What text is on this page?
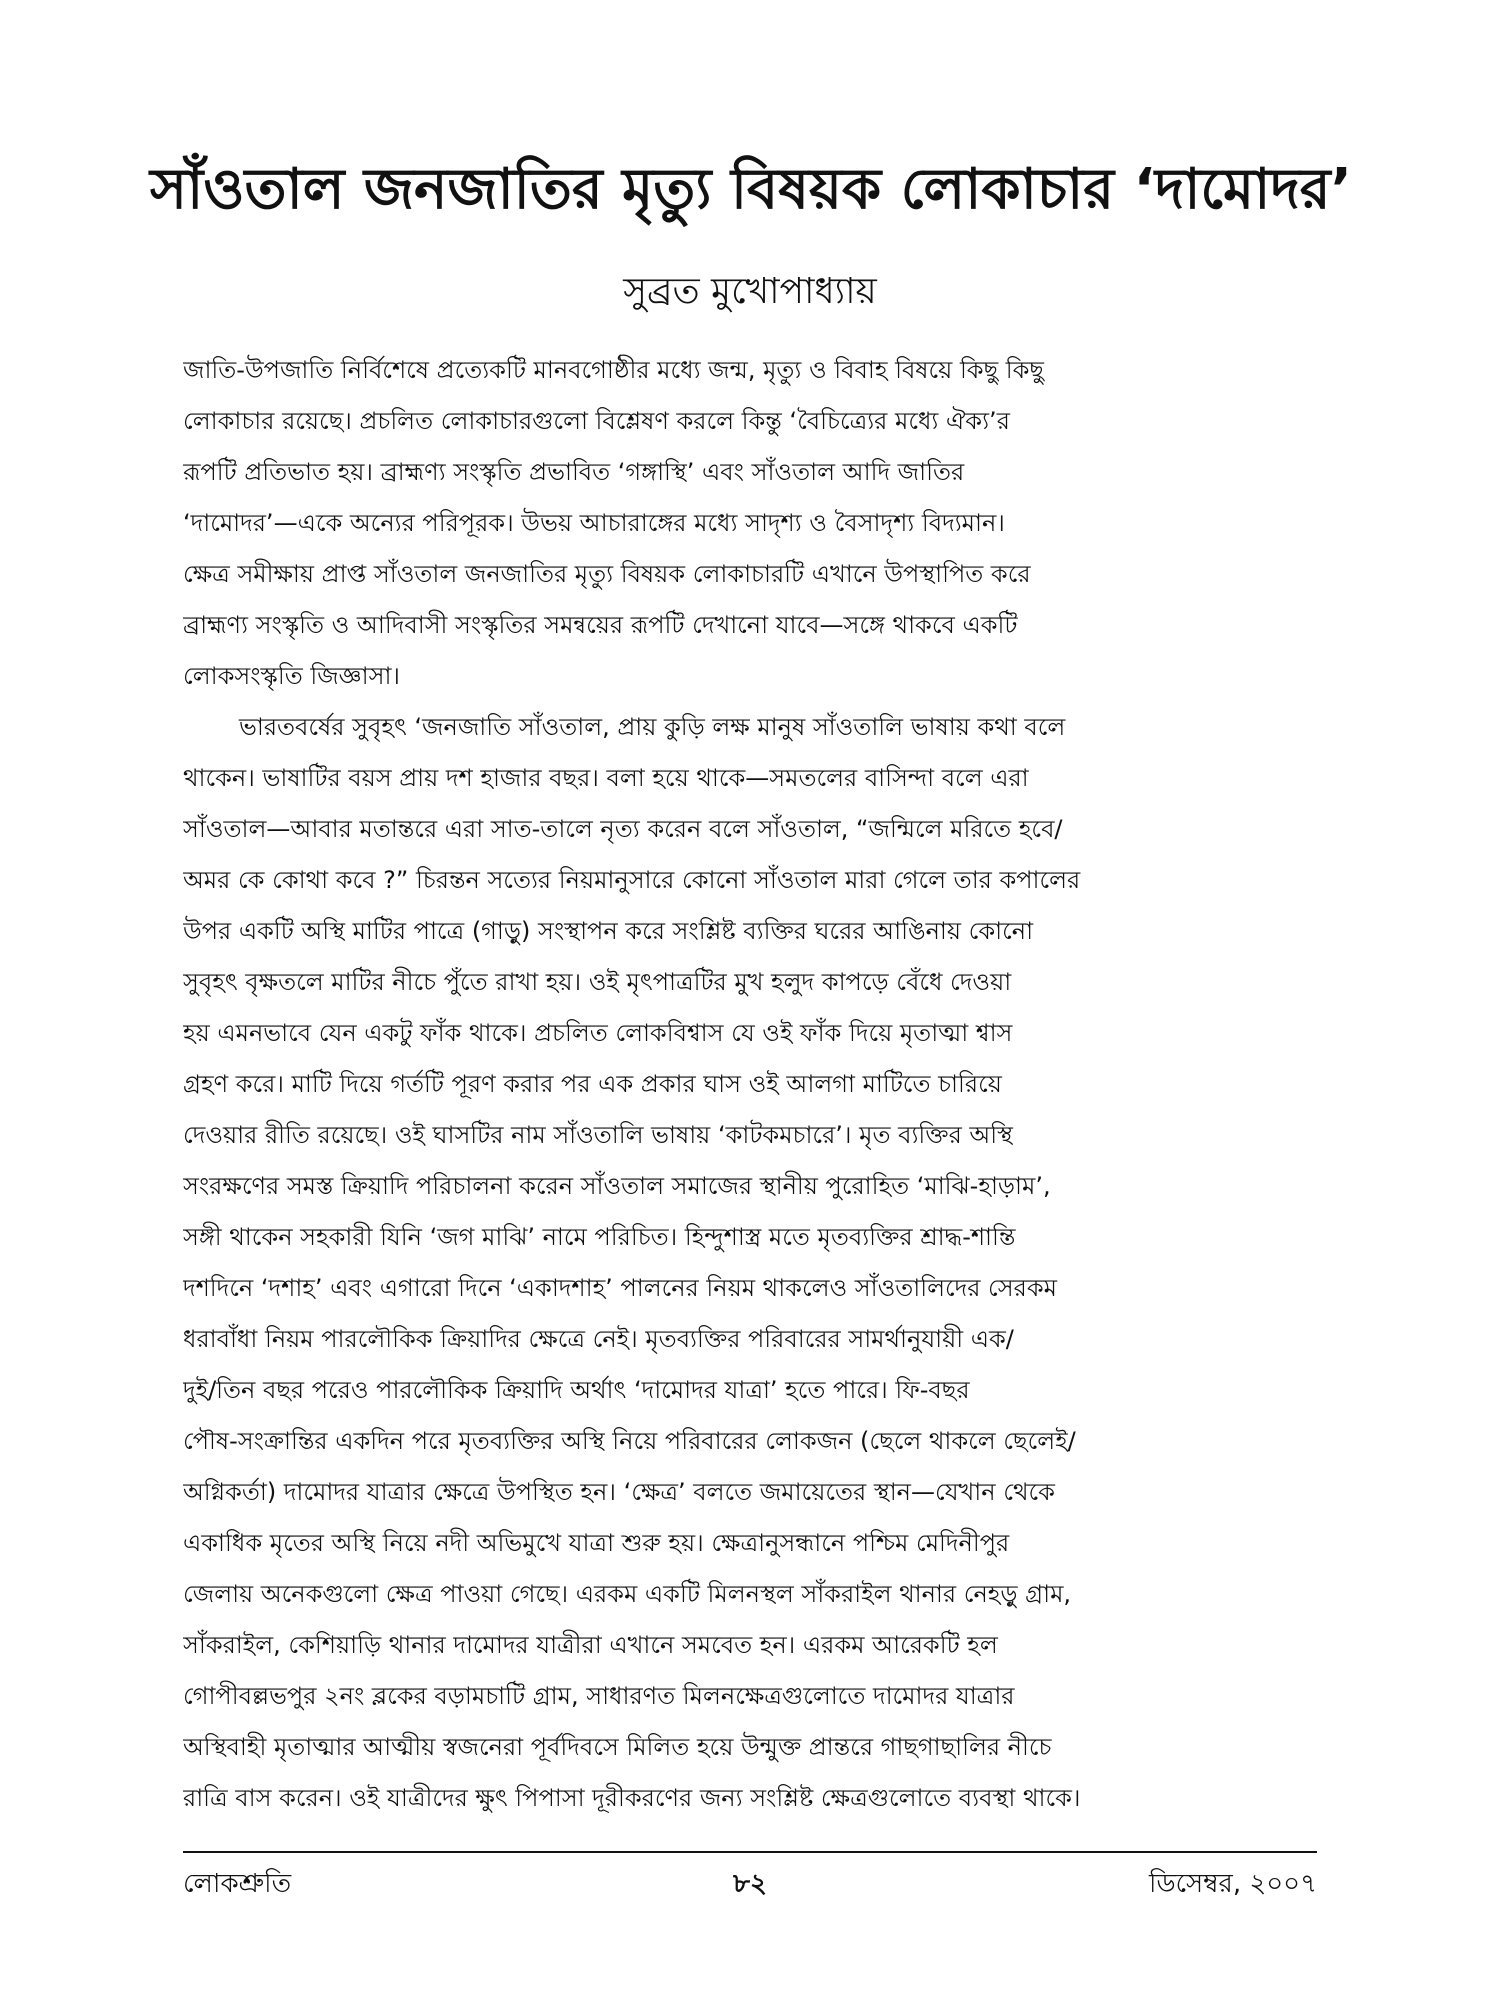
সাঁওতাল জনজাতির মৃত্যু বিষয়ক লোকাচার ‘দামোদর’
সুব্রত মুখোপাধ্যায়
জাতি-উপজাতি নির্বিশেষে প্রত্যেকটি মানবগোষ্ঠীর মধ্যে জন্ম, মৃত্যু ও বিবাহ বিষয়ে কিছু কিছু
লোকাচার রয়েছে। প্রচলিত লোকাচারগুলো বিশ্লেষণ করলে কিন্তু ‘বৈচিত্র্যের মধ্যে ঐক্য’র
রূপটি প্রতিভাত হয়। ব্রাহ্মণ্য সংস্কৃতি প্রভাবিত ‘গঙ্গাস্থি’ এবং সাঁওতাল আদি জাতির
‘দামোদর’—একে অন্যের পরিপূরক। উভয় আচারাঙ্গের মধ্যে সাদৃশ্য ও বৈসাদৃশ্য বিদ্যমান।
ক্ষেত্র সমীক্ষায় প্রাপ্ত সাঁওতাল জনজাতির মৃত্যু বিষয়ক লোকাচারটি এখানে উপস্থাপিত করে
ব্রাহ্মণ্য সংস্কৃতি ও আদিবাসী সংস্কৃতির সমন্বয়ের রূপটি দেখানো যাবে—সঙ্গে থাকবে একটি
লোকসংস্কৃতি জিজ্ঞাসা।
ভারতবর্ষের সুবৃহৎ ‘জনজাতি সাঁওতাল, প্রায় কুড়ি লক্ষ মানুষ সাঁওতালি ভাষায় কথা বলে
থাকেন। ভাষাটির বয়স প্রায় দশ হাজার বছর। বলা হয়ে থাকে—সমতলের বাসিন্দা বলে এরা
সাঁওতাল—আবার মতান্তরে এরা সাত-তালে নৃত্য করেন বলে সাঁওতাল, “জন্মিলে মরিতে হবে/
অমর কে কোথা কবে ?” চিরন্তন সত্যের নিয়মানুসারে কোনো সাঁওতাল মারা গেলে তার কপালের
উপর একটি অস্থি মাটির পাত্রে (গাড়ু) সংস্থাপন করে সংশ্লিষ্ট ব্যক্তির ঘরের আঙিনায় কোনো
সুবৃহৎ বৃক্ষতলে মাটির নীচে পুঁতে রাখা হয়। ওই মৃৎপাত্রটির মুখ হলুদ কাপড়ে বেঁধে দেওয়া
হয় এমনভাবে যেন একটু ফাঁক থাকে। প্রচলিত লোকবিশ্বাস যে ওই ফাঁক দিয়ে মৃতাত্মা শ্বাস
গ্রহণ করে। মাটি দিয়ে গর্তটি পূরণ করার পর এক প্রকার ঘাস ওই আলগা মাটিতে চারিয়ে
দেওয়ার রীতি রয়েছে। ওই ঘাসটির নাম সাঁওতালি ভাষায় ‘কাটকমচারে’। মৃত ব্যক্তির অস্থি
সংরক্ষণের সমস্ত ক্রিয়াদি পরিচালনা করেন সাঁওতাল সমাজের স্থানীয় পুরোহিত ‘মাঝি-হাড়াম’,
সঙ্গী থাকেন সহকারী যিনি ‘জগ মাঝি’ নামে পরিচিত। হিন্দুশাস্ত্র মতে মৃতব্যক্তির শ্রাদ্ধ-শান্তি
দশদিনে ‘দশাহ’ এবং এগারো দিনে ‘একাদশাহ’ পালনের নিয়ম থাকলেও সাঁওতালিদের সেরকম
ধরাবাঁধা নিয়ম পারলৌকিক ক্রিয়াদির ক্ষেত্রে নেই। মৃতব্যক্তির পরিবারের সামর্থানুযায়ী এক/
দুই/তিন বছর পরেও পারলৌকিক ক্রিয়াদি অর্থাৎ ‘দামোদর যাত্রা’ হতে পারে। ফি-বছর
পৌষ-সংক্রান্তির একদিন পরে মৃতব্যক্তির অস্থি নিয়ে পরিবারের লোকজন (ছেলে থাকলে ছেলেই/
অগ্নিকর্তা) দামোদর যাত্রার ক্ষেত্রে উপস্থিত হন। ‘ক্ষেত্র’ বলতে জমায়েতের স্থান—যেখান থেকে
একাধিক মৃতের অস্থি নিয়ে নদী অভিমুখে যাত্রা শুরু হয়। ক্ষেত্রানুসন্ধানে পশ্চিম মেদিনীপুর
জেলায় অনেকগুলো ক্ষেত্র পাওয়া গেছে। এরকম একটি মিলনস্থল সাঁকরাইল থানার নেহড়ু গ্রাম,
সাঁকরাইল, কেশিয়াড়ি থানার দামোদর যাত্রীরা এখানে সমবেত হন। এরকম আরেকটি হল
গোপীবল্লভপুর ২নং ব্লকের বড়ামচাটি গ্রাম, সাধারণত মিলনক্ষেত্রগুলোতে দামোদর যাত্রার
অস্থিবাহী মৃতাত্মার আত্মীয় স্বজনেরা পূর্বদিবসে মিলিত হয়ে উন্মুক্ত প্রান্তরে গাছগাছালির নীচে
রাত্রি বাস করেন। ওই যাত্রীদের ক্ষুৎ পিপাসা দূরীকরণের জন্য সংশ্লিষ্ট ক্ষেত্রগুলোতে ব্যবস্থা থাকে।
লোকশ্রুতি	৮২	ডিসেম্বর, ২০০৭
